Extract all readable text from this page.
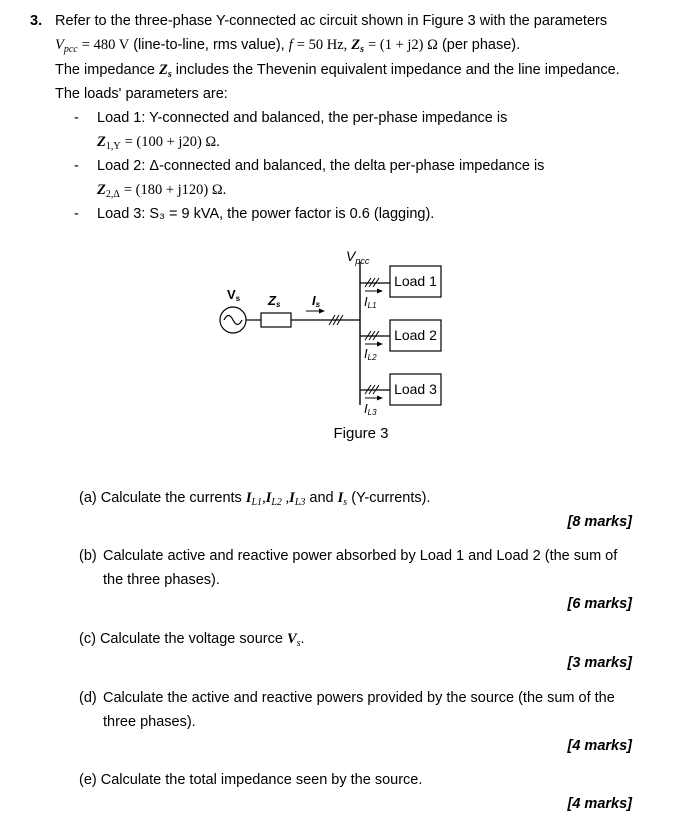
3. Refer to the three-phase Y-connected ac circuit shown in Figure 3 with the parameters
$V_{pcc} = 480$ V (line-to-line, rms value), f = 50 Hz, $Z_s = (1 + j2)$ Ω (per phase).
The impedance $Z_s$ includes the Thevenin equivalent impedance and the line impedance.
The loads' parameters are:
- Load 1: Y-connected and balanced, the per-phase impedance is
$Z_{1,Y} = (100 + j20)$ Ω.
- Load 2: Δ-connected and balanced, the delta per-phase impedance is
$Z_{2,\Delta} = (180 + j120)$ Ω.
- Load 3: S₃ = 9 kVA, the power factor is 0.6 (lagging).
$V_{pcc}$
Vs Zs Is	IL1
Load 1
IL2
Load 2
IL3
Load 3
Figure 3
(a) Calculate the currents $I_{L1},I_{L2}$ $,I_{L3}$ and $I_s$ (Y-currents).
[8 marks]
(b) Calculate active and reactive power absorbed by Load 1 and Load 2 (the sum of
the three phases).
[6 marks]
(c) Calculate the voltage source $V_s$.
[3 marks]
(d) Calculate the active and reactive powers provided by the source (the sum of the
three phases).
[4 marks]
(e) Calculate the total impedance seen by the source.
[4 marks]
